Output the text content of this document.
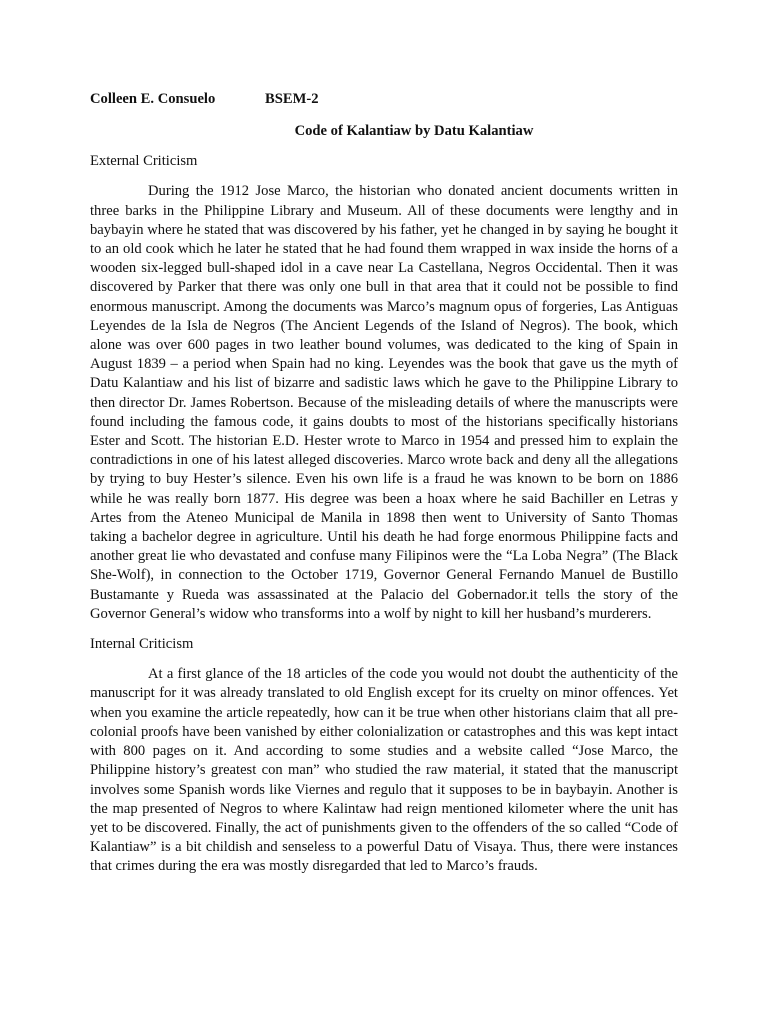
Colleen E. Consuelo	BSEM-2
Code of Kalantiaw by Datu Kalantiaw
External Criticism

During the 1912 Jose Marco, the historian who donated ancient documents written in three barks in the Philippine Library and Museum. All of these documents were lengthy and in baybayin where he stated that was discovered by his father, yet he changed in by saying he bought it to an old cook which he later he stated that he had found them wrapped in wax inside the horns of a wooden six-legged bull-shaped idol in a cave near La Castellana, Negros Occidental. Then it was discovered by Parker that there was only one bull in that area that it could not be possible to find enormous manuscript. Among the documents was Marco’s magnum opus of forgeries, Las Antiguas Leyendes de la Isla de Negros (The Ancient Legends of the Island of Negros). The book, which alone was over 600 pages in two leather bound volumes, was dedicated to the king of Spain in August 1839 – a period when Spain had no king. Leyendes was the book that gave us the myth of Datu Kalantiaw and his list of bizarre and sadistic laws which he gave to the Philippine Library to then director Dr. James Robertson. Because of the misleading details of where the manuscripts were found including the famous code, it gains doubts to most of the historians specifically historians Ester and Scott. The historian E.D. Hester wrote to Marco in 1954 and pressed him to explain the contradictions in one of his latest alleged discoveries. Marco wrote back and deny all the allegations by trying to buy Hester’s silence. Even his own life is a fraud he was known to be born on 1886 while he was really born 1877. His degree was been a hoax where he said Bachiller en Letras y Artes from the Ateneo Municipal de Manila in 1898 then went to University of Santo Thomas taking a bachelor degree in agriculture. Until his death he had forge enormous Philippine facts and another great lie who devastated and confuse many Filipinos were the “La Loba Negra” (The Black She-Wolf), in connection to the October 1719, Governor General Fernando Manuel de Bustillo Bustamante y Rueda was assassinated at the Palacio del Gobernador.it tells the story of the Governor General’s widow who transforms into a wolf by night to kill her husband’s murderers.

Internal Criticism

At a first glance of the 18 articles of the code you would not doubt the authenticity of the manuscript for it was already translated to old English except for its cruelty on minor offences. Yet when you examine the article repeatedly, how can it be true when other historians claim that all pre-colonial proofs have been vanished by either colonialization or catastrophes and this was kept intact with 800 pages on it. And according to some studies and a website called “Jose Marco, the Philippine history’s greatest con man” who studied the raw material, it stated that the manuscript involves some Spanish words like Viernes and regulo that it supposes to be in baybayin. Another is the map presented of Negros to where Kalintaw had reign mentioned kilometer where the unit has yet to be discovered. Finally, the act of punishments given to the offenders of the so called “Code of Kalantiaw” is a bit childish and senseless to a powerful Datu of Visaya. Thus, there were instances that crimes during the era was mostly disregarded that led to Marco’s frauds.
